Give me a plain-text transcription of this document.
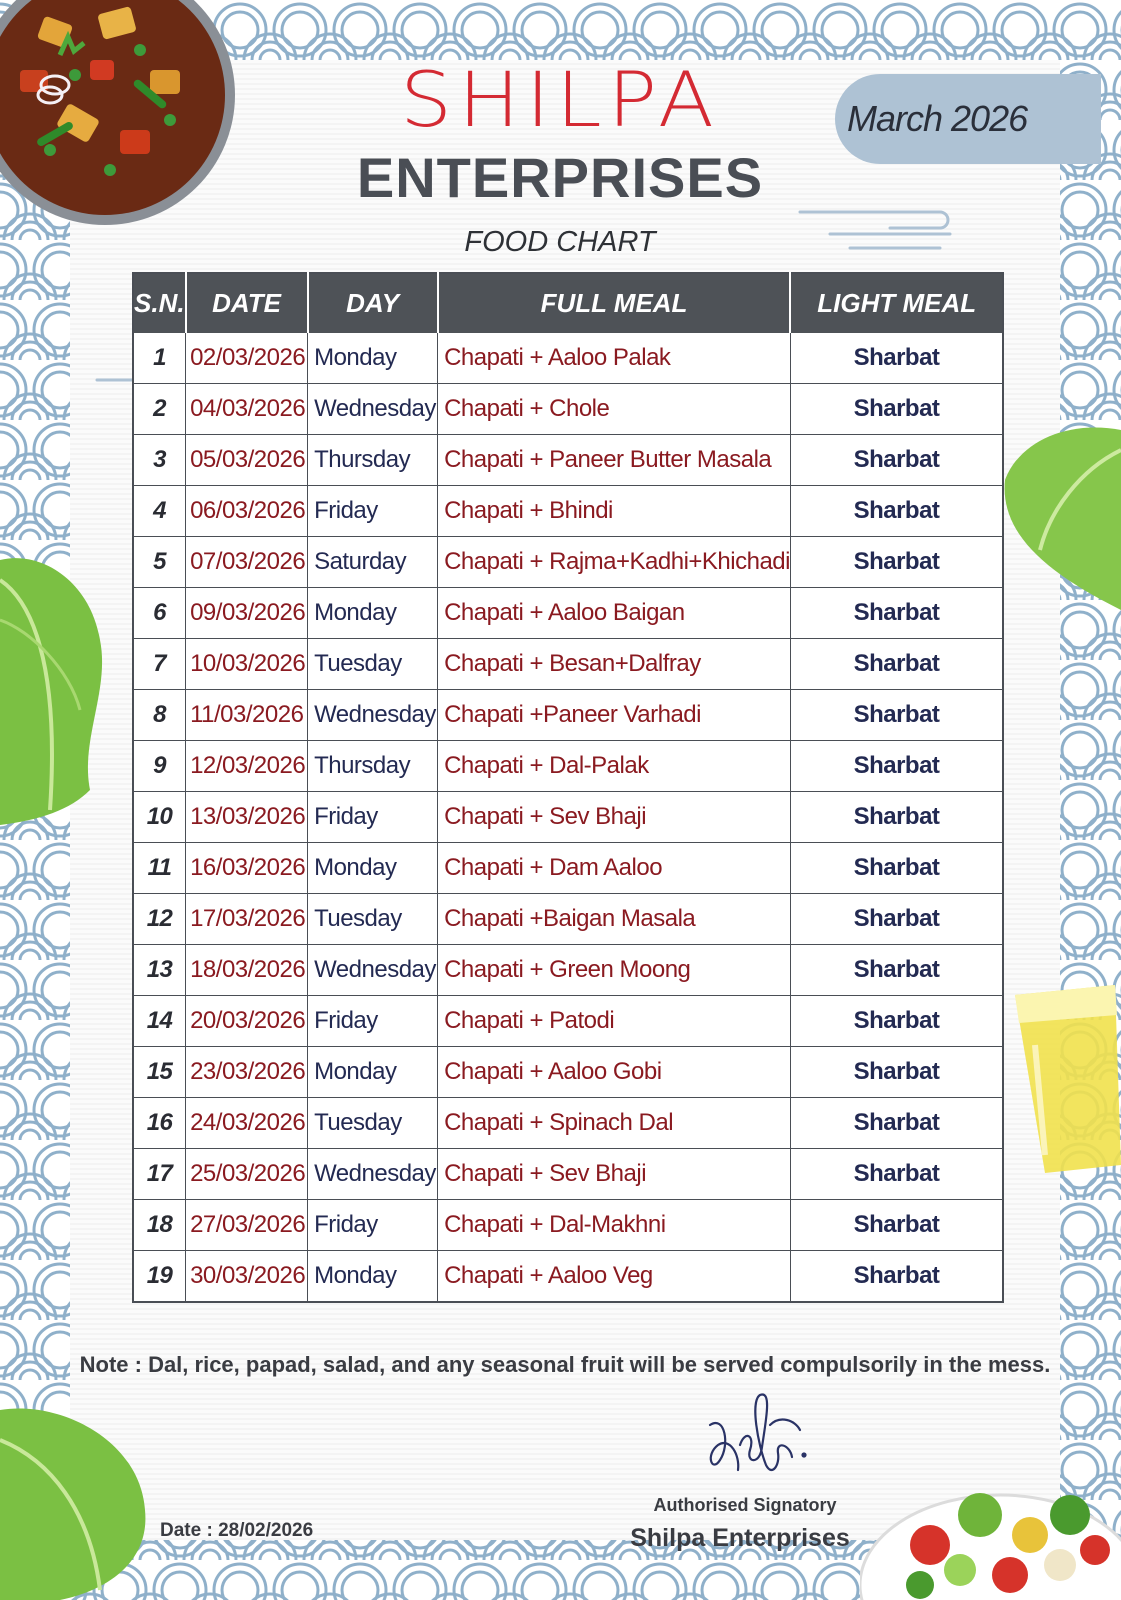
SHILPA
ENTERPRISES
FOOD CHART
March 2026
S.N.	DATE	DAY	FULL MEAL	LIGHT MEAL
1	02/03/2026	Monday	Chapati + Aaloo Palak	Sharbat
2	04/03/2026	Wednesday	Chapati + Chole	Sharbat
3	05/03/2026	Thursday	Chapati + Paneer Butter Masala	Sharbat
4	06/03/2026	Friday	Chapati + Bhindi	Sharbat
5	07/03/2026	Saturday	Chapati + Rajma+Kadhi+Khichadi	Sharbat
6	09/03/2026	Monday	Chapati + Aaloo Baigan	Sharbat
7	10/03/2026	Tuesday	Chapati + Besan+Dalfray	Sharbat
8	11/03/2026	Wednesday	Chapati +Paneer Varhadi	Sharbat
9	12/03/2026	Thursday	Chapati + Dal-Palak	Sharbat
10	13/03/2026	Friday	Chapati + Sev Bhaji	Sharbat
11	16/03/2026	Monday	Chapati + Dam Aaloo	Sharbat
12	17/03/2026	Tuesday	Chapati +Baigan Masala	Sharbat
13	18/03/2026	Wednesday	Chapati + Green Moong	Sharbat
14	20/03/2026	Friday	Chapati + Patodi	Sharbat
15	23/03/2026	Monday	Chapati + Aaloo Gobi	Sharbat
16	24/03/2026	Tuesday	Chapati + Spinach Dal	Sharbat
17	25/03/2026	Wednesday	Chapati + Sev Bhaji	Sharbat
18	27/03/2026	Friday	Chapati + Dal-Makhni	Sharbat
19	30/03/2026	Monday	Chapati + Aaloo Veg	Sharbat
Note : Dal, rice, papad, salad, and any seasonal fruit will be served compulsorily in the mess.
Authorised Signatory
Shilpa Enterprises
Date : 28/02/2026
